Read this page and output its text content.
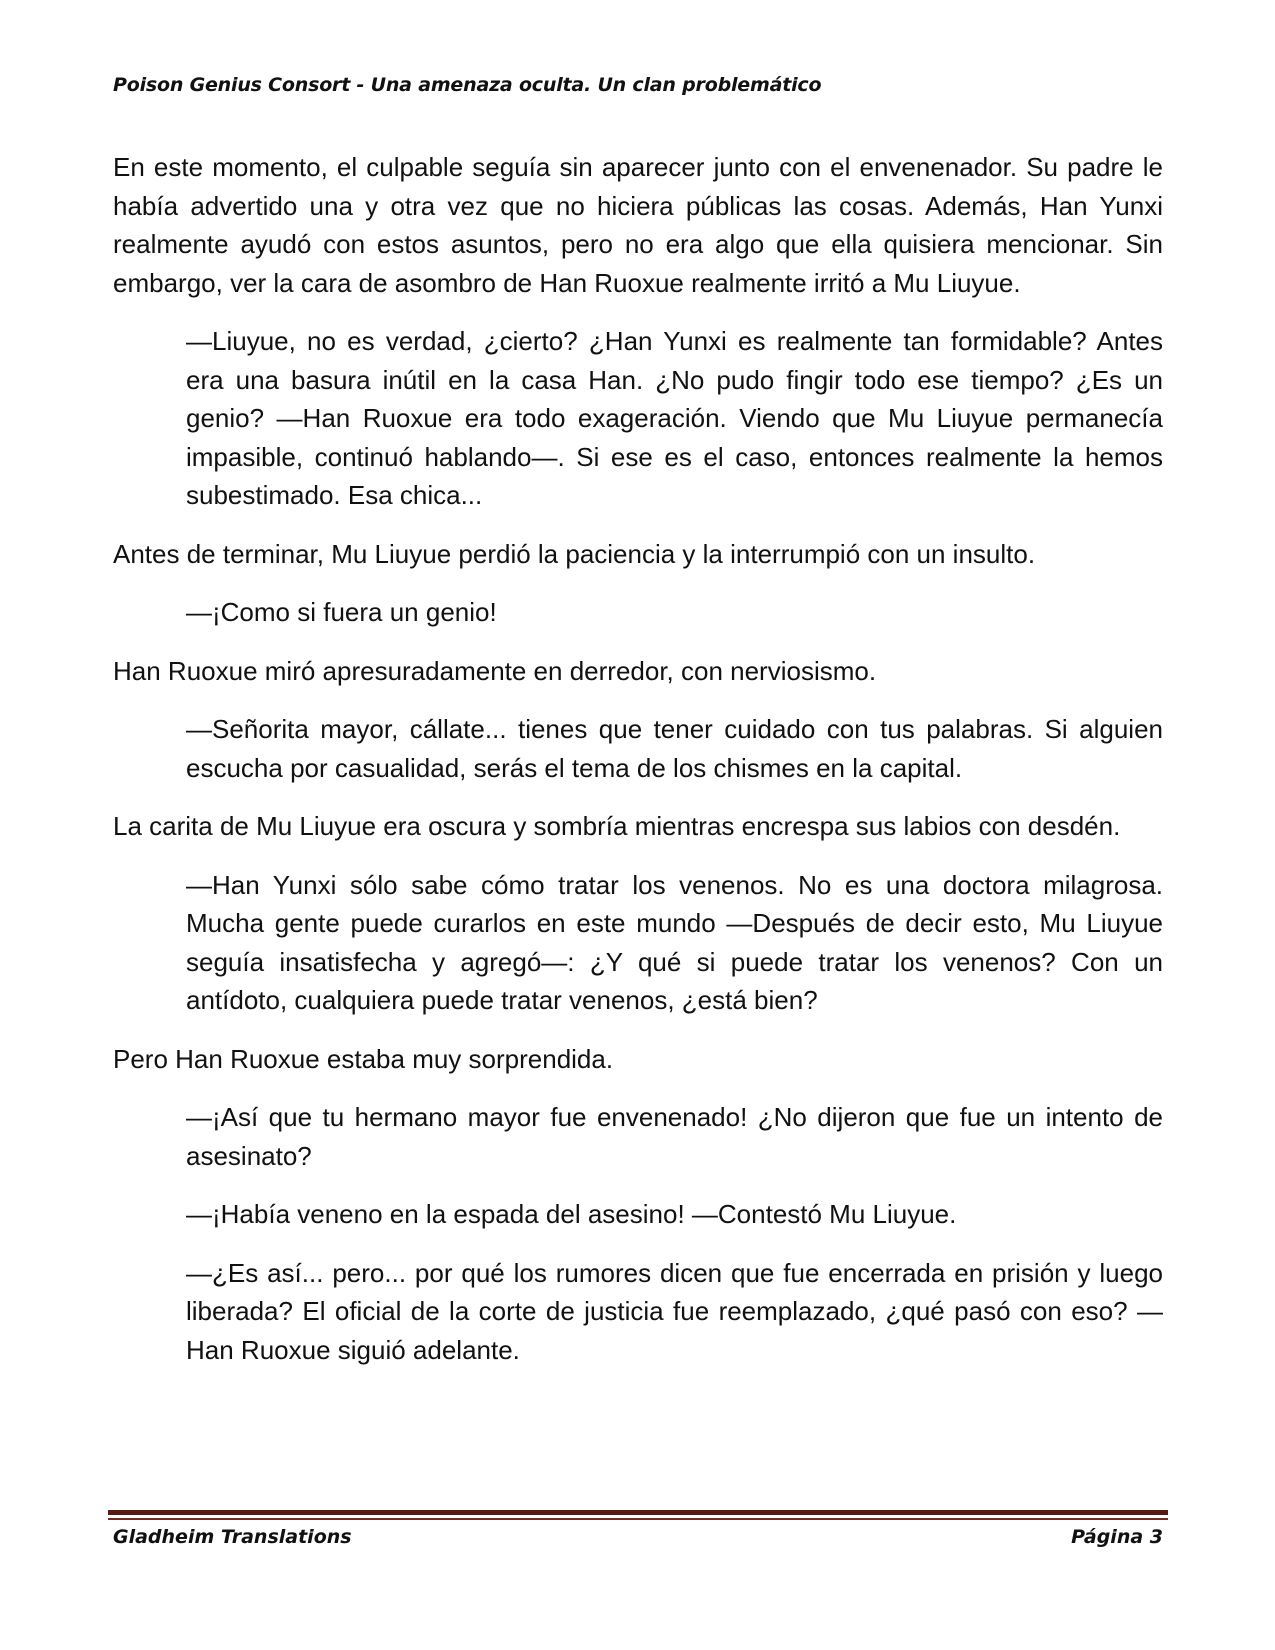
Poison Genius Consort - Una amenaza oculta. Un clan problemático

En este momento, el culpable seguía sin aparecer junto con el envenenador. Su padre le había advertido una y otra vez que no hiciera públicas las cosas. Además, Han Yunxi realmente ayudó con estos asuntos, pero no era algo que ella quisiera mencionar. Sin embargo, ver la cara de asombro de Han Ruoxue realmente irritó a Mu Liuyue.

—Liuyue, no es verdad, ¿cierto? ¿Han Yunxi es realmente tan formidable? Antes era una basura inútil en la casa Han. ¿No pudo fingir todo ese tiempo? ¿Es un genio? —Han Ruoxue era todo exageración. Viendo que Mu Liuyue permanecía impasible, continuó hablando—. Si ese es el caso, entonces realmente la hemos subestimado. Esa chica...

Antes de terminar, Mu Liuyue perdió la paciencia y la interrumpió con un insulto.

—¡Como si fuera un genio!

Han Ruoxue miró apresuradamente en derredor, con nerviosismo.

—Señorita mayor, cállate... tienes que tener cuidado con tus palabras. Si alguien escucha por casualidad, serás el tema de los chismes en la capital.

La carita de Mu Liuyue era oscura y sombría mientras encrespa sus labios con desdén.

—Han Yunxi sólo sabe cómo tratar los venenos. No es una doctora milagrosa. Mucha gente puede curarlos en este mundo —Después de decir esto, Mu Liuyue seguía insatisfecha y agregó—: ¿Y qué si puede tratar los venenos? Con un antídoto, cualquiera puede tratar venenos, ¿está bien?

Pero Han Ruoxue estaba muy sorprendida.

—¡Así que tu hermano mayor fue envenenado! ¿No dijeron que fue un intento de asesinato?

—¡Había veneno en la espada del asesino! —Contestó Mu Liuyue.

—¿Es así... pero... por qué los rumores dicen que fue encerrada en prisión y luego liberada? El oficial de la corte de justicia fue reemplazado, ¿qué pasó con eso? —Han Ruoxue siguió adelante.

Gladheim Translations	Página 3
